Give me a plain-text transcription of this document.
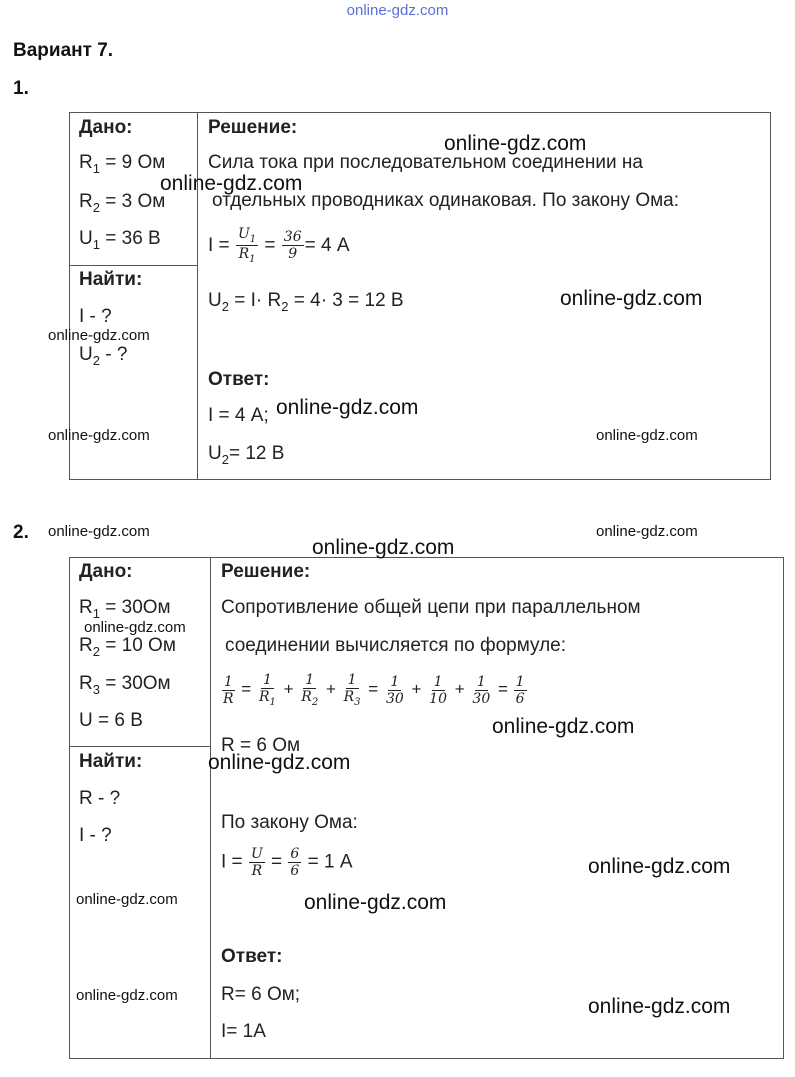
online-gdz.com
Вариант 7.
1.
Дано:
$R_1 = 9$ Ом
$R_2 = 3$ Ом
$U_1 = 36$ В
Найти:
I - ?
$U_2$ - ?
Решение:
Сила тока при последовательном соединении на
отдельных проводниках одинаковая. По закону Ома:
$I = \frac{U_1}{R_1} = \frac{36}{9} = 4$ А
$U_2 = I\cdot R_2 = 4\cdot 3 = 12$ В
Ответ:
I = 4 А;
$U_2= 12$ В
online-gdz.com
online-gdz.com
online-gdz.com
online-gdz.com
online-gdz.com
online-gdz.com	online-gdz.com
2. online-gdz.com	online-gdz.com
Дано:
$R_1 = 30Ом$
$R_2 = 10$ Ом
$R_3 = 30Ом$
U = 6 В
Найти:
R - ?
I - ?
Решение:
Сопротивление общей цепи при параллельном
соединении вычисляется по формуле:
$\frac{1}{R} = \frac{1}{R_1} + \frac{1}{R_2} + \frac{1}{R_3} = \frac{1}{30} + \frac{1}{10} + \frac{1}{30} = \frac{1}{6}$
R = 6 Ом
По закону Ома:
$I = \frac{U}{R} = \frac{6}{6} = 1$ А
Ответ:
R= 6 Ом;
I= 1А
online-gdz.com
online-gdz.com
online-gdz.com
online-gdz.com
online-gdz.com
online-gdz.com	online-gdz.com
online-gdz.com	online-gdz.com
